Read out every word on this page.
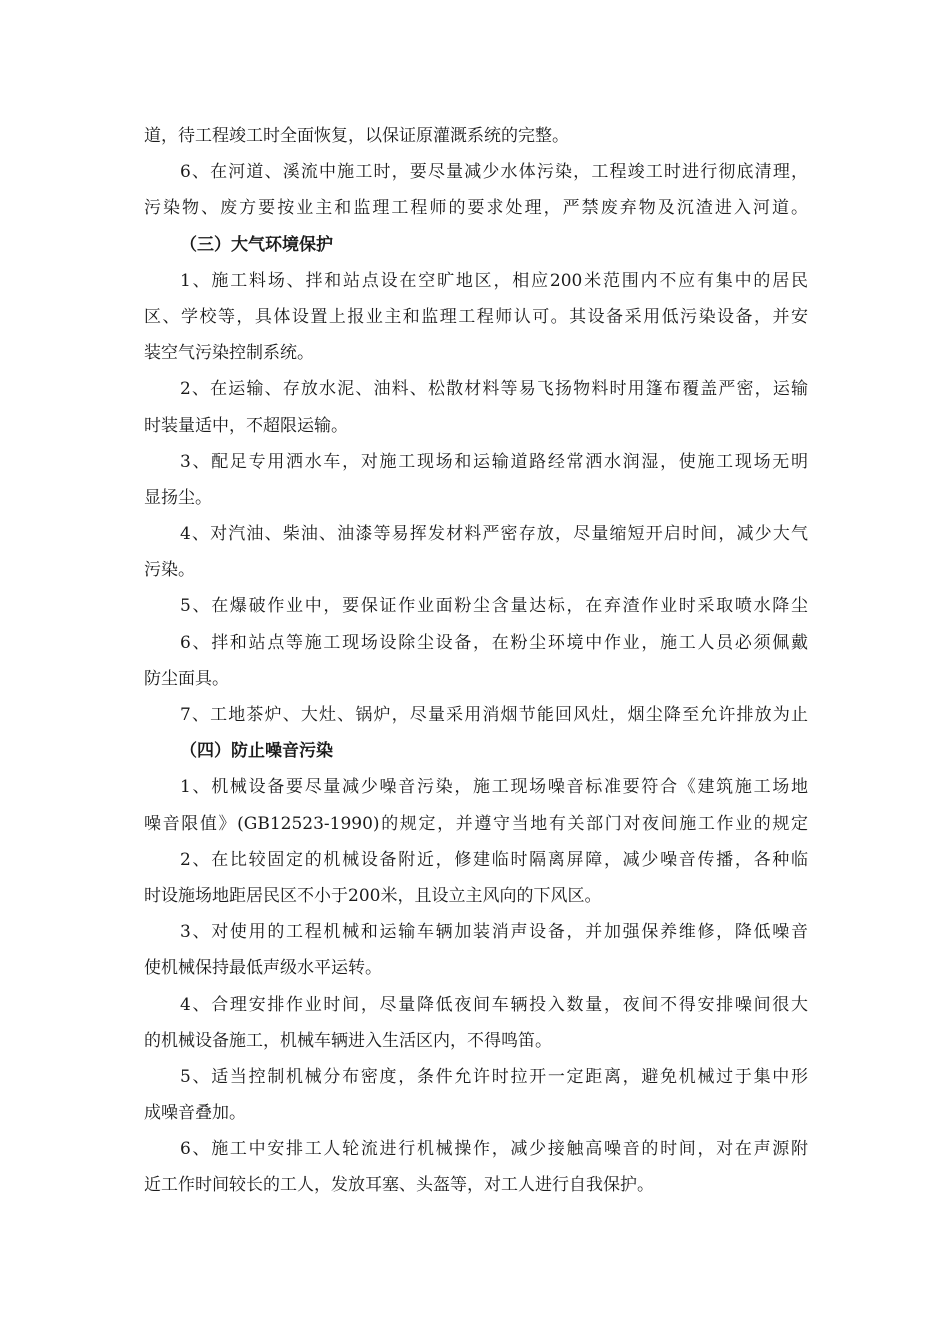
道，待工程竣工时全面恢复，以保证原灌溉系统的完整。
6、在河道、溪流中施工时，要尽量减少水体污染，工程竣工时进行彻底清理，
污染物、废方要按业主和监理工程师的要求处理，严禁废弃物及沉渣进入河道。
（三）大气环境保护
1、施工料场、拌和站点设在空旷地区，相应200米范围内不应有集中的居民
区、学校等，具体设置上报业主和监理工程师认可。其设备采用低污染设备，并安
装空气污染控制系统。
2、在运输、存放水泥、油料、松散材料等易飞扬物料时用篷布覆盖严密，运输
时装量适中，不超限运输。
3、配足专用洒水车，对施工现场和运输道路经常洒水润湿，使施工现场无明
显扬尘。
4、对汽油、柴油、油漆等易挥发材料严密存放，尽量缩短开启时间，减少大气
污染。
5、在爆破作业中，要保证作业面粉尘含量达标，在弃渣作业时采取喷水降尘
6、拌和站点等施工现场设除尘设备，在粉尘环境中作业，施工人员必须佩戴
防尘面具。
7、工地茶炉、大灶、锅炉，尽量采用消烟节能回风灶，烟尘降至允许排放为止
（四）防止噪音污染
1、机械设备要尽量减少噪音污染，施工现场噪音标准要符合《建筑施工场地
噪音限值》(GB12523-1990)的规定，并遵守当地有关部门对夜间施工作业的规定
2、在比较固定的机械设备附近，修建临时隔离屏障，减少噪音传播，各种临
时设施场地距居民区不小于200米，且设立主风向的下风区。
3、对使用的工程机械和运输车辆加装消声设备，并加强保养维修，降低噪音
使机械保持最低声级水平运转。
4、合理安排作业时间，尽量降低夜间车辆投入数量，夜间不得安排噪间很大
的机械设备施工，机械车辆进入生活区内，不得鸣笛。
5、适当控制机械分布密度，条件允许时拉开一定距离，避免机械过于集中形
成噪音叠加。
6、施工中安排工人轮流进行机械操作，减少接触高噪音的时间，对在声源附
近工作时间较长的工人，发放耳塞、头盔等，对工人进行自我保护。
